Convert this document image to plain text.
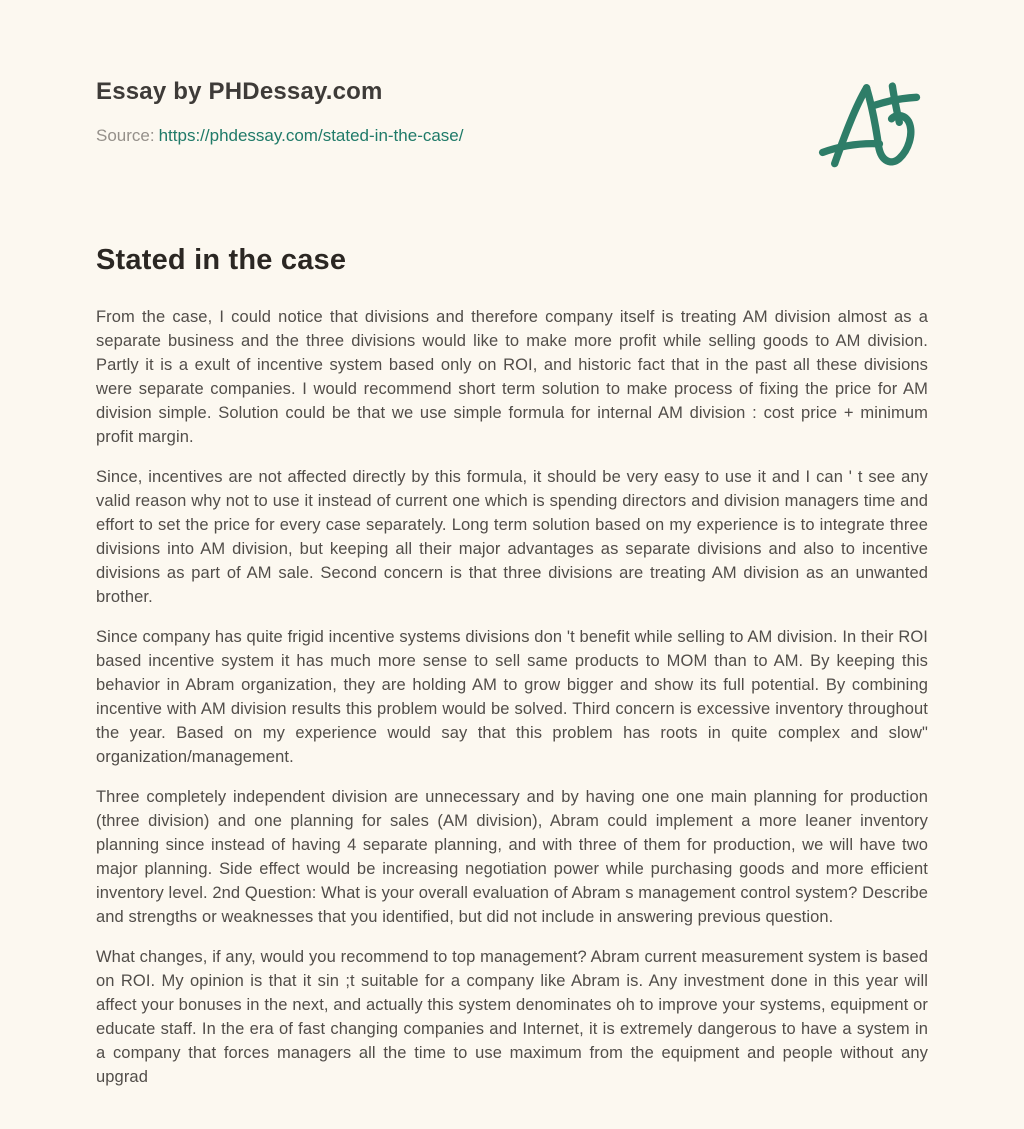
Essay by PHDessay.com
Source: https://phdessay.com/stated-in-the-case/
Stated in the case

From the case, I could notice that divisions and therefore company itself is treating AM division almost as a separate business and the three divisions would like to make more profit while selling goods to AM division. Partly it is a exult of incentive system based only on ROI, and historic fact that in the past all these divisions were separate companies. I would recommend short term solution to make process of fixing the price for AM division simple. Solution could be that we use simple formula for internal AM division : cost price + minimum profit margin.

Since, incentives are not affected directly by this formula, it should be very easy to use it and I can ' t see any valid reason why not to use it instead of current one which is spending directors and division managers time and effort to set the price for every case separately. Long term solution based on my experience is to integrate three divisions into AM division, but keeping all their major advantages as separate divisions and also to incentive divisions as part of AM sale. Second concern is that three divisions are treating AM division as an unwanted brother.

Since company has quite frigid incentive systems divisions don 't benefit while selling to AM division. In their ROI based incentive system it has much more sense to sell same products to MOM than to AM. By keeping this behavior in Abram organization, they are holding AM to grow bigger and show its full potential. By combining incentive with AM division results this problem would be solved. Third concern is excessive inventory throughout the year. Based on my experience would say that this problem has roots in quite complex and slow" organization/management.

Three completely independent division are unnecessary and by having one one main planning for production (three division) and one planning for sales (AM division), Abram could implement a more leaner inventory planning since instead of having 4 separate planning, and with three of them for production, we will have two major planning. Side effect would be increasing negotiation power while purchasing goods and more efficient inventory level. 2nd Question: What is your overall evaluation of Abram s management control system? Describe and strengths or weaknesses that you identified, but did not include in answering previous question.

What changes, if any, would you recommend to top management? Abram current measurement system is based on ROI. My opinion is that it sin ;t suitable for a company like Abram is. Any investment done in this year will affect your bonuses in the next, and actually this system denominates oh to improve your systems, equipment or educate staff. In the era of fast changing companies and Internet, it is extremely dangerous to have a system in a company that forces managers all the time to use maximum from the equipment and people without any upgrad
